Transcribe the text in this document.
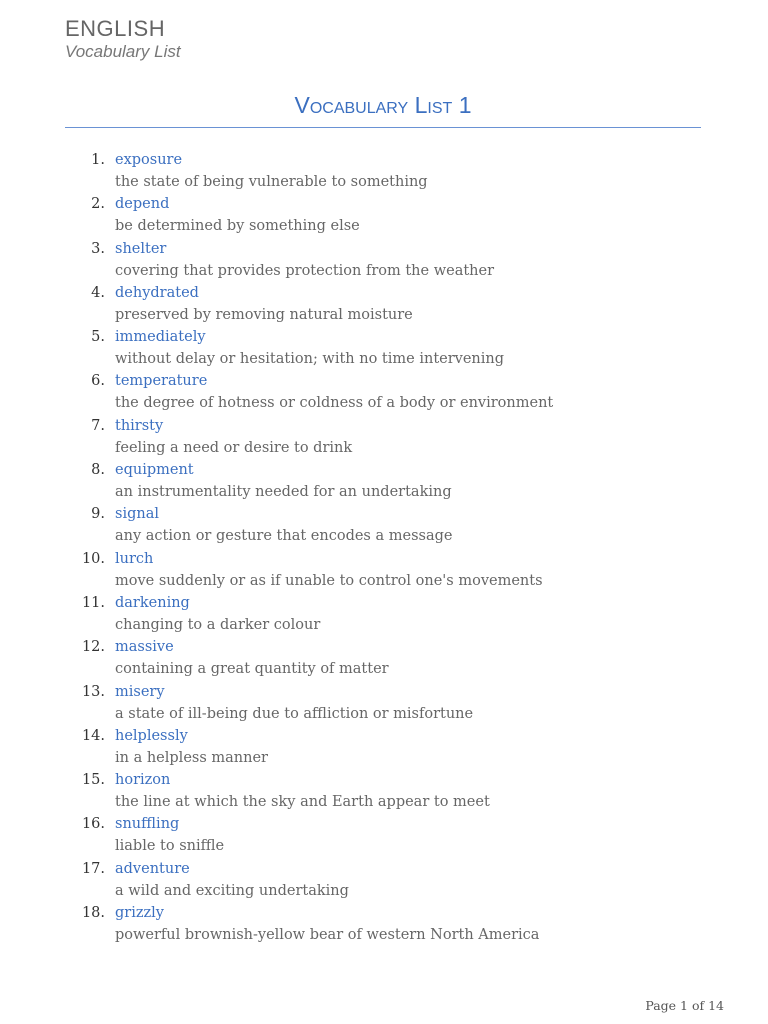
ENGLISH
Vocabulary List
Vocabulary List 1
1. exposure
the state of being vulnerable to something
2. depend
be determined by something else
3. shelter
covering that provides protection from the weather
4. dehydrated
preserved by removing natural moisture
5. immediately
without delay or hesitation; with no time intervening
6. temperature
the degree of hotness or coldness of a body or environment
7. thirsty
feeling a need or desire to drink
8. equipment
an instrumentality needed for an undertaking
9. signal
any action or gesture that encodes a message
10. lurch
move suddenly or as if unable to control one's movements
11. darkening
changing to a darker colour
12. massive
containing a great quantity of matter
13. misery
a state of ill-being due to affliction or misfortune
14. helplessly
in a helpless manner
15. horizon
the line at which the sky and Earth appear to meet
16. snuffling
liable to sniffle
17. adventure
a wild and exciting undertaking
18. grizzly
powerful brownish-yellow bear of western North America
Page 1 of 14
